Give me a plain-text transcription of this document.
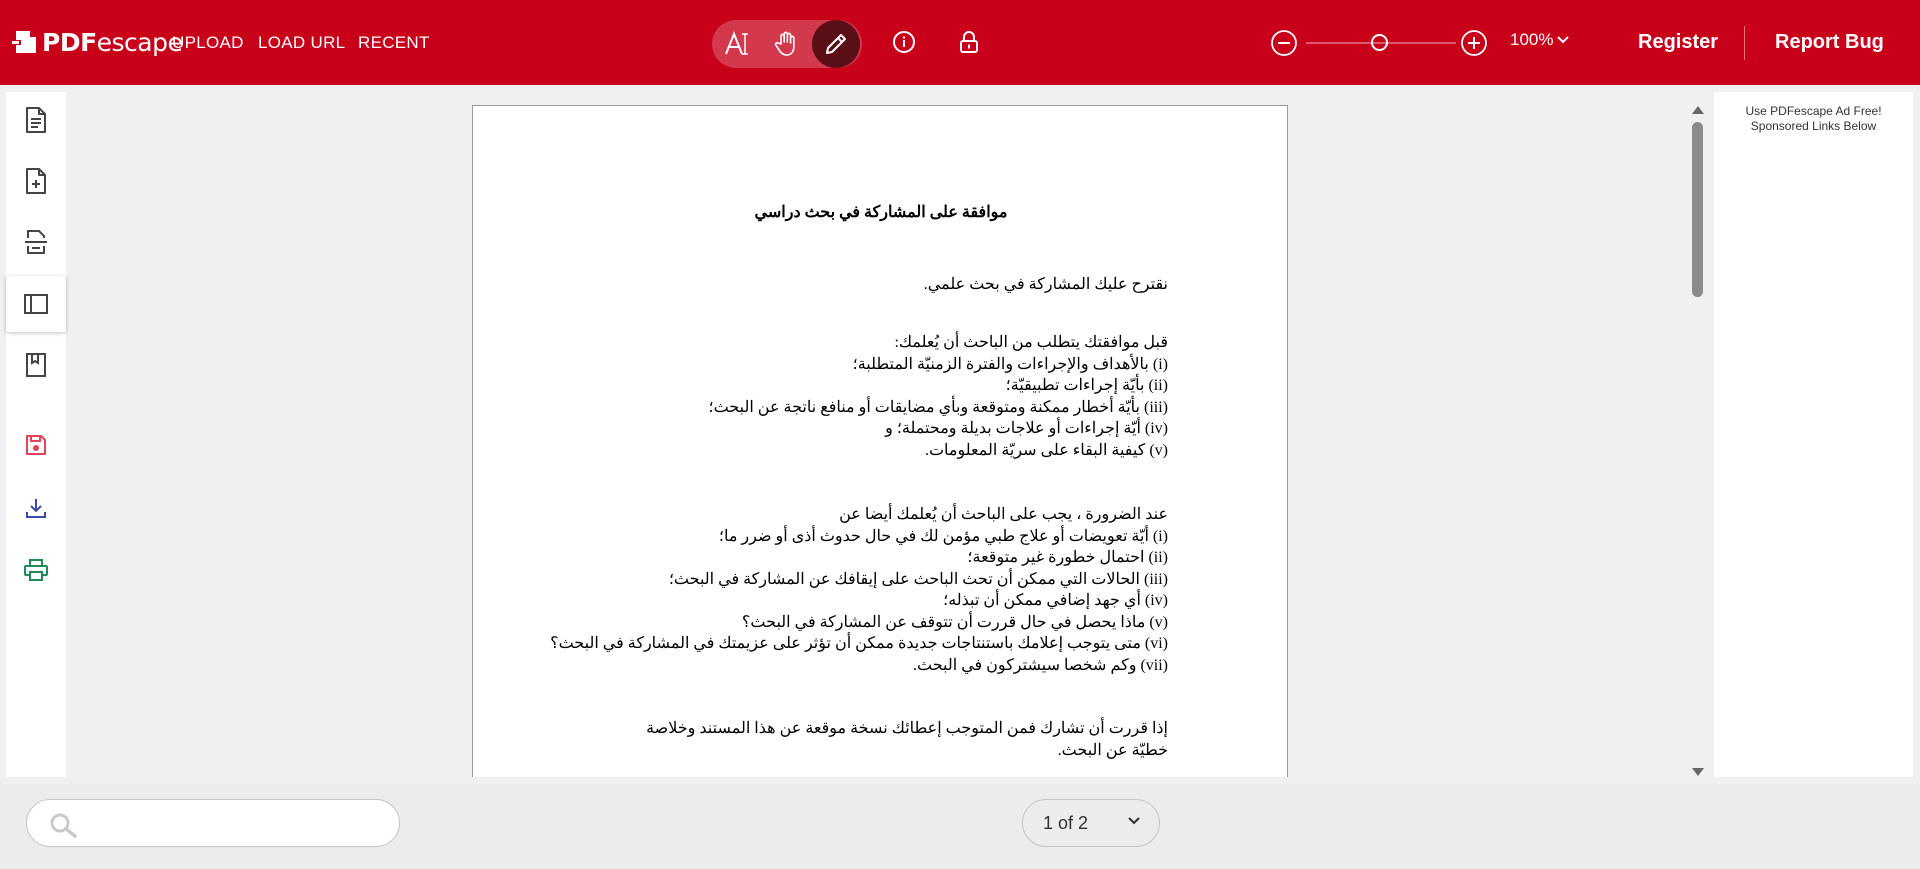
PDFescape
UPLOAD LOAD URL RECENT	100%	Register	Report Bug
موافقة على المشاركة في بحث دراسي
نقترح عليك المشاركة في بحث علمي.
قبل موافقتك يتطلب من الباحث أن يُعلمك:
(i) بالأهداف والإجراءات والفترة الزمنيّة المتطلبة؛
(ii) بأيّة إجراءات تطبيقيّة؛
(iii) بأيّة أخطار ممكنة ومتوقعة وبأي مضايقات أو منافع ناتجة عن البحث؛
(iv) أيّة إجراءات أو علاجات بديلة ومحتملة؛ و
(v) كيفية البقاء على سريّة المعلومات.
عند الضرورة ، يجب على الباحث أن يُعلمك أيضا عن
(i) أيّة تعويضات أو علاج طبي مؤمن لك في حال حدوث أذى أو ضرر ما؛
(ii) احتمال خطورة غير متوقعة؛
(iii) الحالات التي ممكن أن تحث الباحث على إيقافك عن المشاركة في البحث؛
(iv) أي جهد إضافي ممكن أن تبذله؛
(v) ماذا يحصل في حال قررت أن تتوقف عن المشاركة في البحث؟
(vi) متى يتوجب إعلامك باستنتاجات جديدة ممكن أن تؤثر على عزيمتك في المشاركة في البحث؟
(vii) وكم شخصا سيشتركون في البحث.
إذا قررت أن تشارك فمن المتوجب إعطائك نسخة موقعة عن هذا المستند وخلاصة خطيّة عن البحث.
Use PDFescape Ad Free!
Sponsored Links Below
1 of 2
